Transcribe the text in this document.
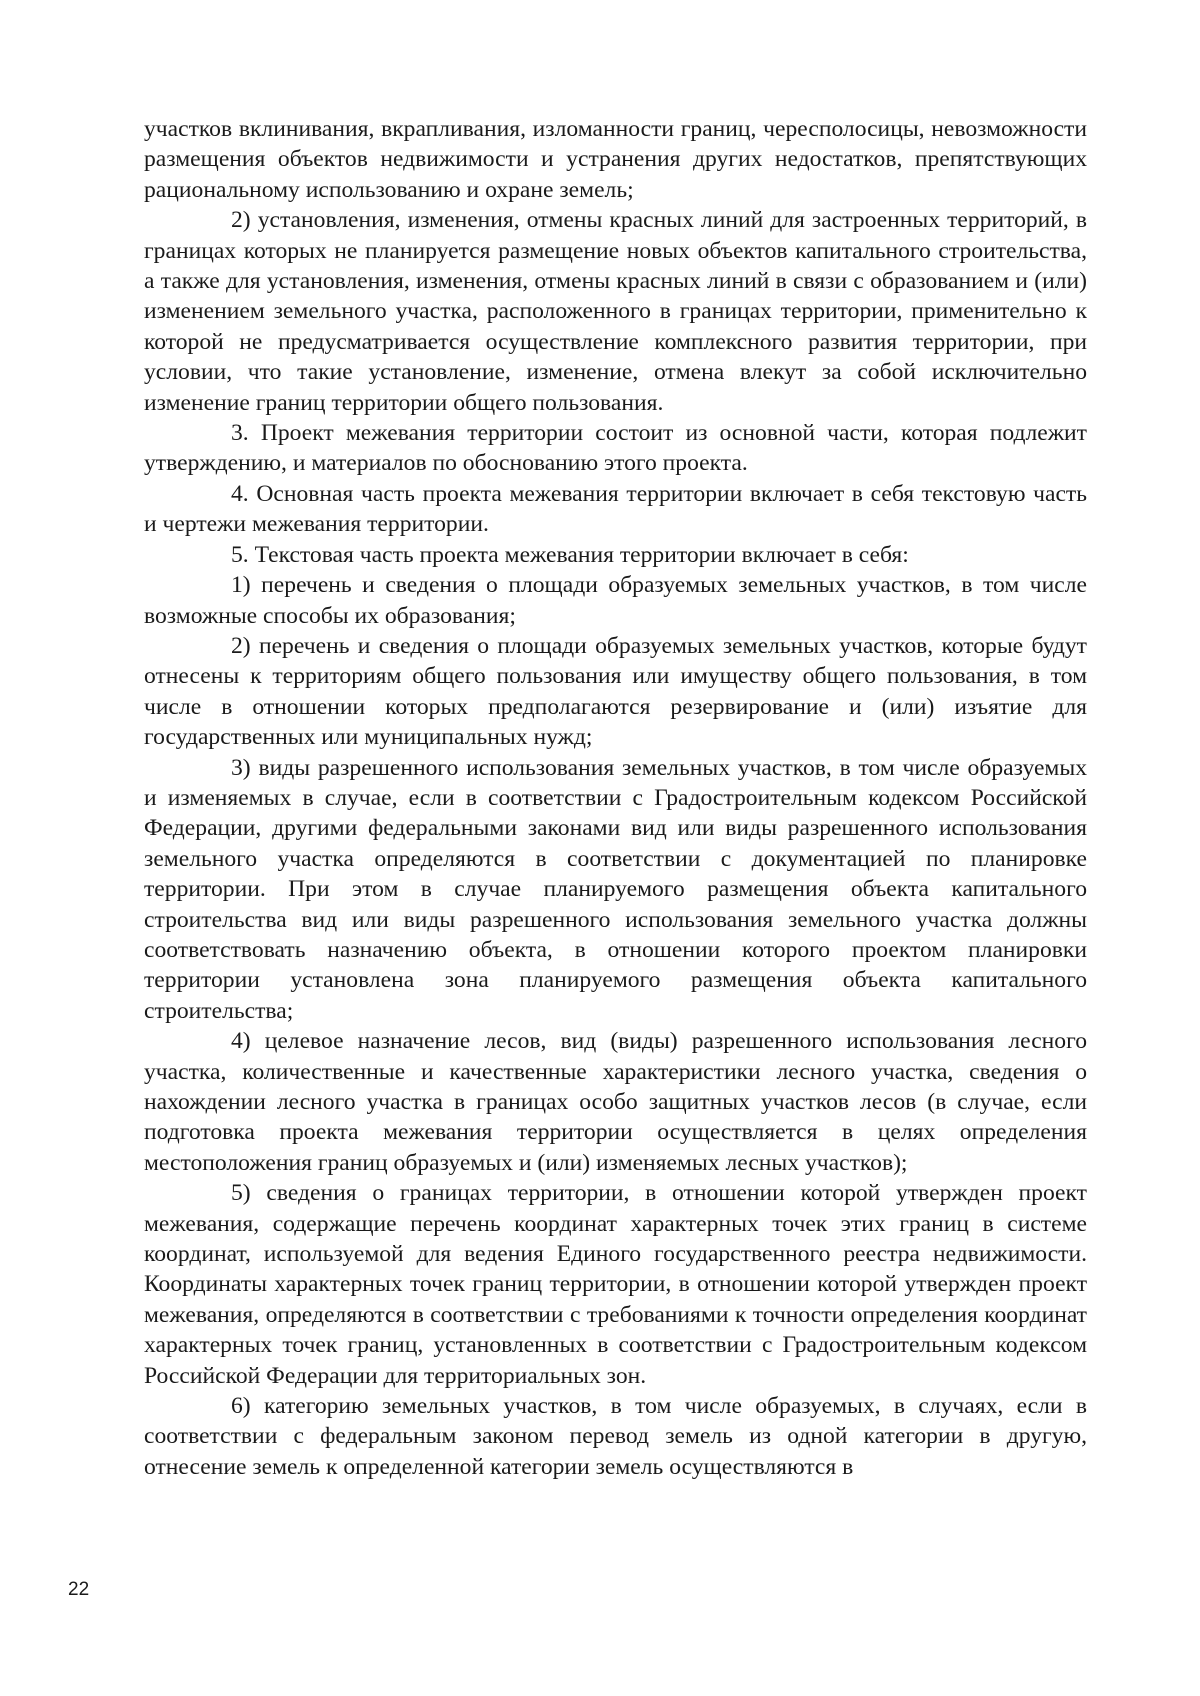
участков вклинивания, вкрапливания, изломанности границ, чересполосицы, невозможности размещения объектов недвижимости и устранения других недостатков, препятствующих рациональному использованию и охране земель;

2) установления, изменения, отмены красных линий для застроенных территорий, в границах которых не планируется размещение новых объектов капитального строительства, а также для установления, изменения, отмены красных линий в связи с образованием и (или) изменением земельного участка, расположенного в границах территории, применительно к которой не предусматривается осуществление комплексного развития территории, при условии, что такие установление, изменение, отмена влекут за собой исключительно изменение границ территории общего пользования.

3. Проект межевания территории состоит из основной части, которая подлежит утверждению, и материалов по обоснованию этого проекта.

4. Основная часть проекта межевания территории включает в себя текстовую часть и чертежи межевания территории.

5. Текстовая часть проекта межевания территории включает в себя:

1) перечень и сведения о площади образуемых земельных участков, в том числе возможные способы их образования;

2) перечень и сведения о площади образуемых земельных участков, которые будут отнесены к территориям общего пользования или имуществу общего пользования, в том числе в отношении которых предполагаются резервирование и (или) изъятие для государственных или муниципальных нужд;

3) виды разрешенного использования земельных участков, в том числе образуемых и изменяемых в случае, если в соответствии с Градостроительным кодексом Российской Федерации, другими федеральными законами вид или виды разрешенного использования земельного участка определяются в соответствии с документацией по планировке территории. При этом в случае планируемого размещения объекта капитального строительства вид или виды разрешенного использования земельного участка должны соответствовать назначению объекта, в отношении которого проектом планировки территории установлена зона планируемого размещения объекта капитального строительства;

4) целевое назначение лесов, вид (виды) разрешенного использования лесного участка, количественные и качественные характеристики лесного участка, сведения о нахождении лесного участка в границах особо защитных участков лесов (в случае, если подготовка проекта межевания территории осуществляется в целях определения местоположения границ образуемых и (или) изменяемых лесных участков);

5) сведения о границах территории, в отношении которой утвержден проект межевания, содержащие перечень координат характерных точек этих границ в системе координат, используемой для ведения Единого государственного реестра недвижимости. Координаты характерных точек границ территории, в отношении которой утвержден проект межевания, определяются в соответствии с требованиями к точности определения координат характерных точек границ, установленных в соответствии с Градостроительным кодексом Российской Федерации для территориальных зон.

6) категорию земельных участков, в том числе образуемых, в случаях, если в соответствии с федеральным законом перевод земель из одной категории в другую, отнесение земель к определенной категории земель осуществляются в

22
